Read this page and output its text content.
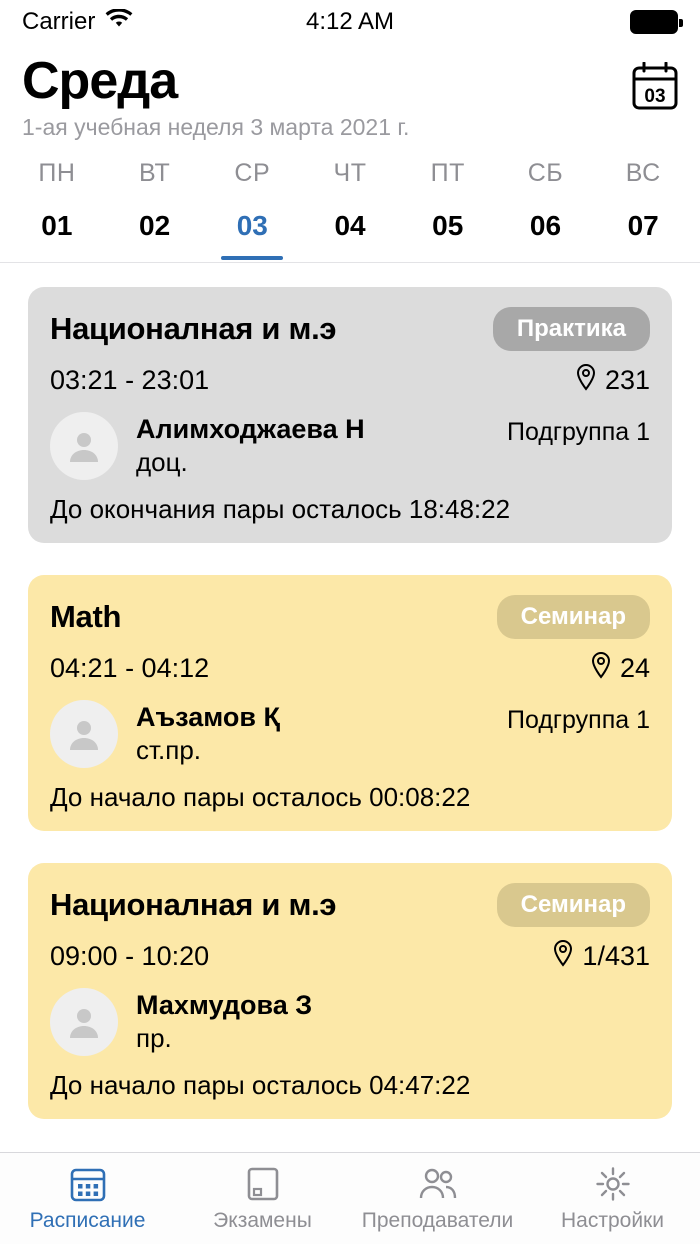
Carrier	4:12 AM
Среда
1-ая учебная неделя 3 марта 2021 г.
03
ПН
01
ВТ
02
СР
03
ЧТ
04
ПТ
05
СБ
06
ВС
07
Националная и м.э	Практика
03:21 - 23:01	231
Алимходжаева Н
доц.
Подгруппа 1
До окончания пары осталось 18:48:22
Math	Семинар
04:21 - 04:12	24
Аъзамов Қ
ст.пр.
Подгруппа 1
До начало пары осталось 00:08:22
Националная и м.э	Семинар
09:00 - 10:20	1/431
Махмудова З
пр.
До начало пары осталось 04:47:22
Расписание	Экзамены Преподаватели Настройки
